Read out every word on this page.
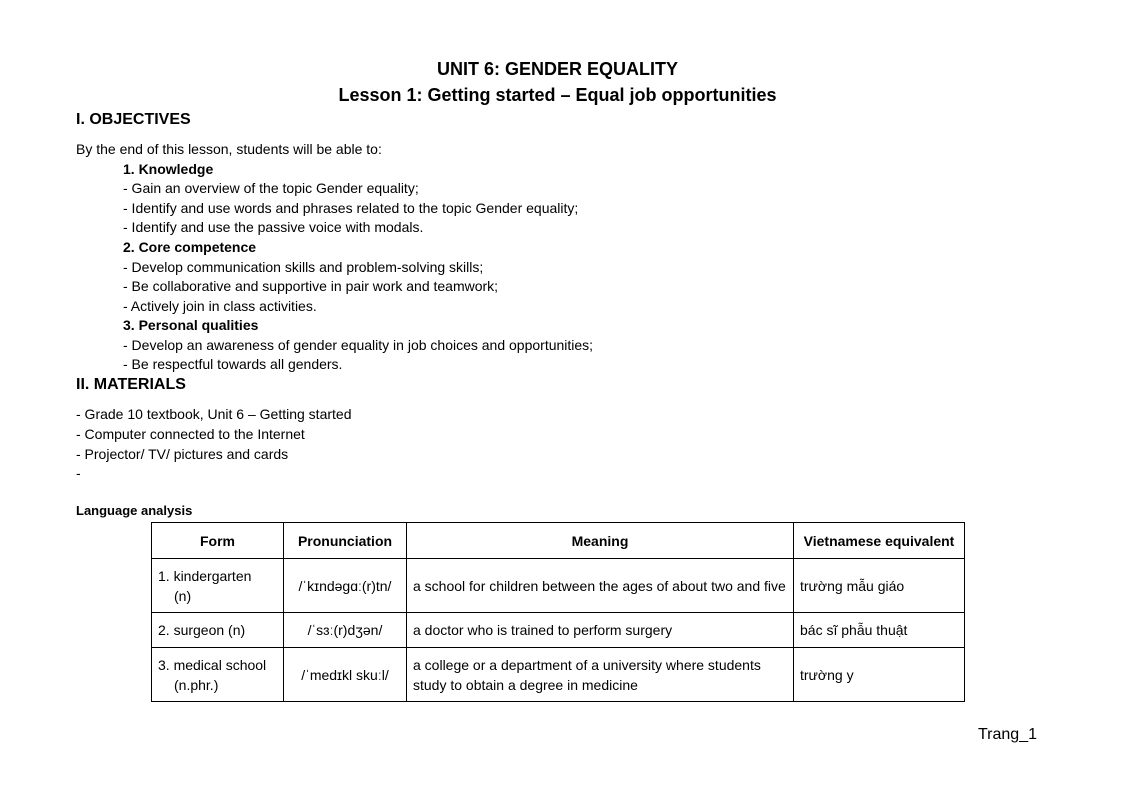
UNIT 6: GENDER EQUALITY
Lesson 1: Getting started – Equal job opportunities
I. OBJECTIVES
By the end of this lesson, students will be able to:
1. Knowledge
- Gain an overview of the topic Gender equality;
- Identify and use words and phrases related to the topic Gender equality;
- Identify and use the passive voice with modals.
2. Core competence
- Develop communication skills and problem-solving skills;
- Be collaborative and supportive in pair work and teamwork;
- Actively join in class activities.
3. Personal qualities
- Develop an awareness of gender equality in job choices and opportunities;
- Be respectful towards all genders.
II. MATERIALS
- Grade 10 textbook, Unit 6 – Getting started
- Computer connected to the Internet
- Projector/ TV/ pictures and cards
-
Language analysis
Form	Pronunciation	Meaning	Vietnamese equivalent

1. kindergarten
(n)	/ˈkɪndəɡɑː(r)tn/	a school for children between the ages of about two and five	trường mẫu giáo

2. surgeon (n)	/ˈsɜː(r)dʒən/	a doctor who is trained to perform surgery	bác sĩ phẫu thuật

3. medical school
(n.phr.)	/ˈmedɪkl skuːl/	a college or a department of a university where students study to obtain a degree in medicine	trường y
Trang_1
